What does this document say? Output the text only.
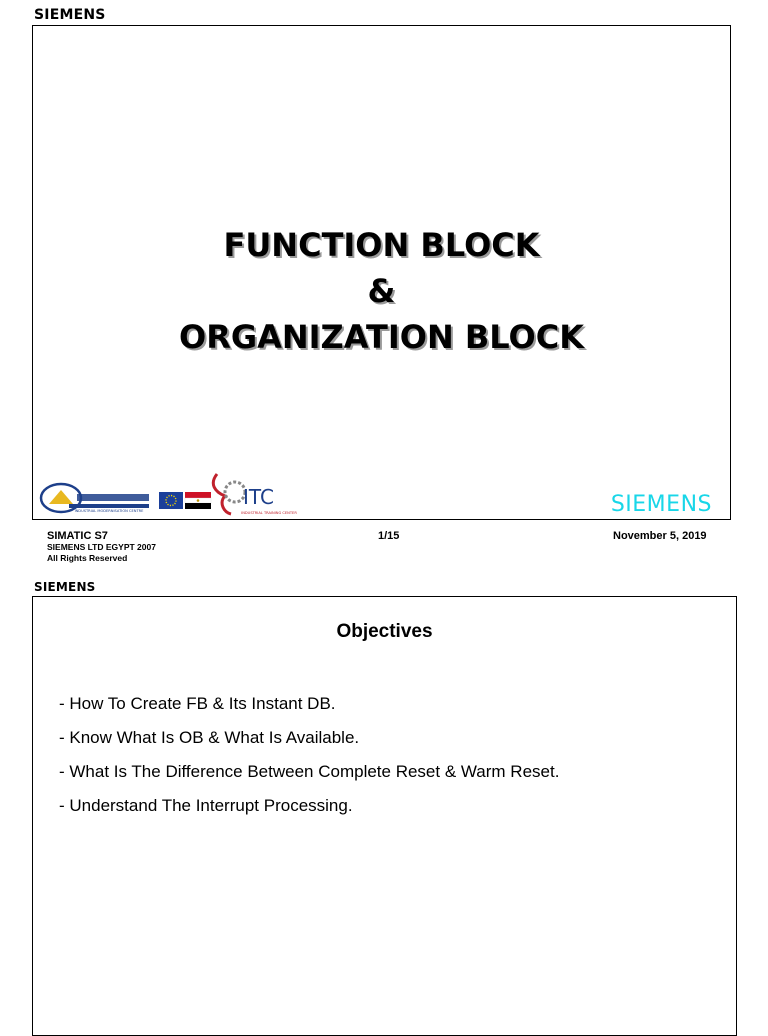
SIEMENS
FUNCTION BLOCK
&
ORGANIZATION BLOCK
INDUSTRIAL MODERNISATION CENTRE
ITC
INDUSTRIAL TRAINING CENTER	SIEMENS
SIMATIC S7
SIEMENS LTD EGYPT 2007
All Rights Reserved
1/15	November 5, 2019
SIEMENS
Objectives
- How To Create FB & Its Instant DB.
- Know What Is OB & What Is Available.
- What Is The Difference Between Complete Reset & Warm Reset.
- Understand The Interrupt Processing.
